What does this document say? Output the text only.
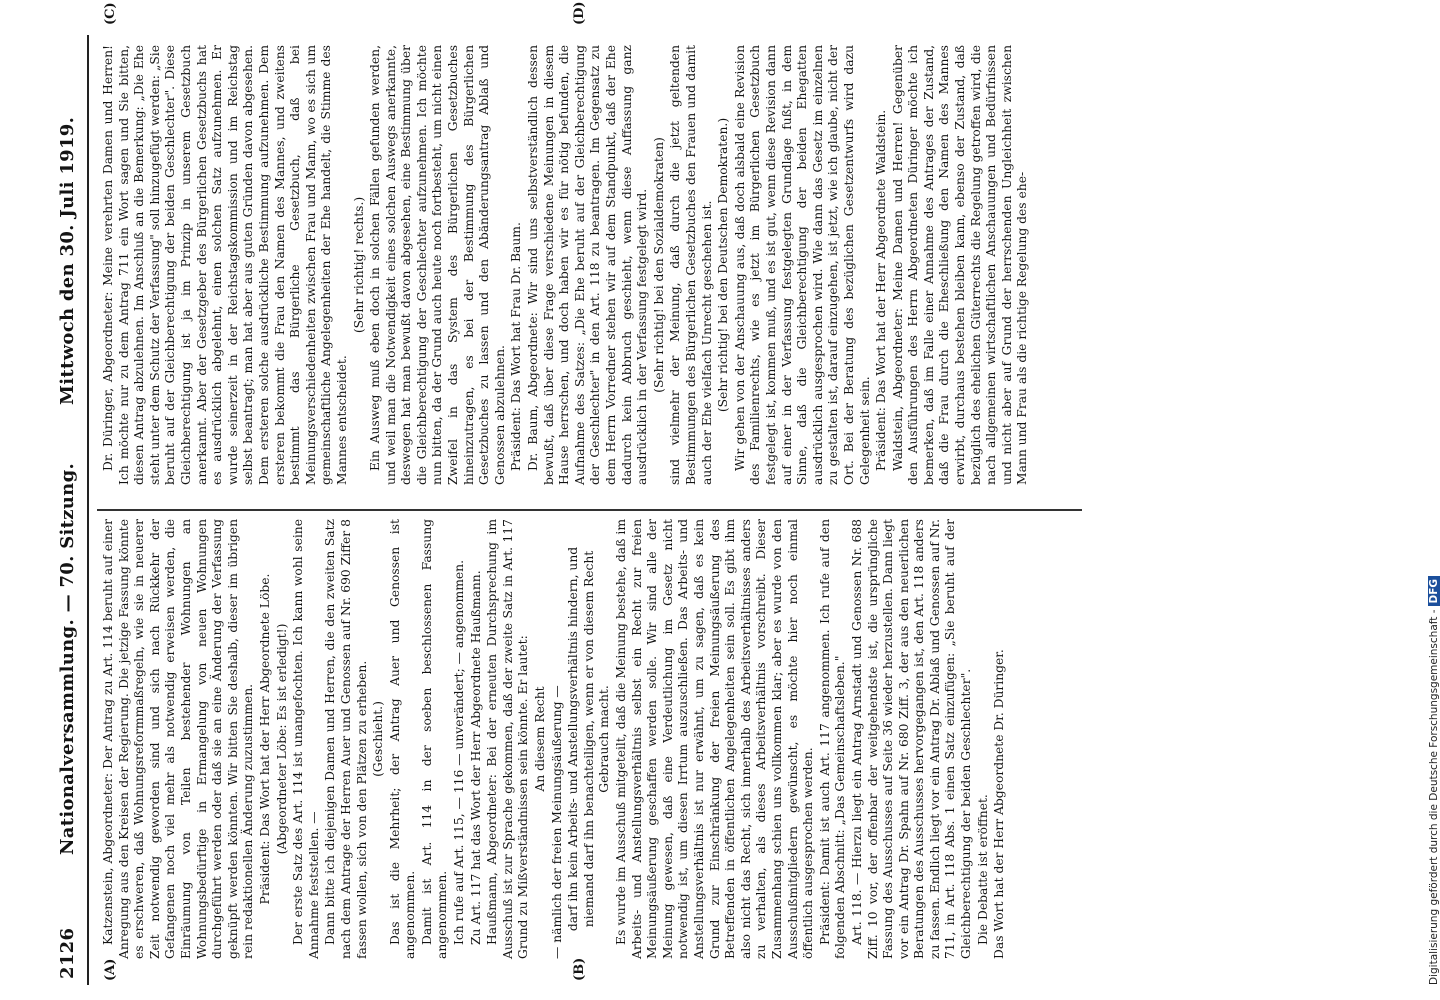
2126
Nationalversammlung. — 70. Sitzung.
Mittwoch den 30. Juli 1919.
(A)	(B)
(C)	(D)

Katzenstein, Abgeordneter: Der Antrag zu Art. 114 beruht auf einer Anregung aus den Kreisen der Regierung. Die jetzige Fassung könnte es erschweren, daß Wohnungsreformmaßregeln, wie sie in neuerer Zeit notwendig geworden sind und sich nach Rückkehr der Gefangenen noch viel mehr als notwendig erweisen werden, die Einräumung von Teilen bestehender Wohnungen an Wohnungsbedürftige in Ermangelung von neuen Wohnungen durchgeführt werden oder daß sie an eine Änderung der Verfassung geknüpft werden könnten. Wir bitten Sie deshalb, dieser im übrigen rein redaktionellen Änderung zuzustimmen. Präsident: Das Wort hat der Herr Abgeordnete Löbe. (Abgeordneter Löbe: Es ist erledigt!) Der erste Satz des Art. 114 ist unangefochten. Ich kann wohl seine Annahme feststellen. — Dann bitte ich diejenigen Damen und Herren, die den zweiten Satz nach dem Antrage der Herren Auer und Genossen auf Nr. 690 Ziffer 8 fassen wollen, sich von den Plätzen zu erheben. (Geschieht.) Das ist die Mehrheit; der Antrag Auer und Genossen ist angenommen. Damit ist Art. 114 in der soeben beschlossenen Fassung angenommen. Ich rufe auf Art. 115, — 116 — unverändert; — angenommen. Zu Art. 117 hat das Wort der Herr Abgeordnete Haußmann. Haußmann, Abgeordneter: Bei der erneuten Durchsprechung im Ausschuß ist zur Sprache gekommen, daß der zweite Satz in Art. 117 Grund zu Mißverständnissen sein könnte. Er lautet: An diesem Recht — nämlich der freien Meinungsäußerung — darf ihn kein Arbeits- und Anstellungsverhältnis hindern, und niemand darf ihn benachteiligen, wenn er von diesem Recht Gebrauch macht. Es wurde im Ausschuß mitgeteilt, daß die Meinung bestehe, daß im Arbeits- und Anstellungsverhältnis selbst ein Recht zur freien Meinungsäußerung geschaffen werden solle. Wir sind alle der Meinung gewesen, daß eine Verdeutlichung im Gesetz nicht notwendig ist, um diesen Irrtum auszuschließen. Das Arbeits- und Anstellungsverhältnis ist nur erwähnt, um zu sagen, daß es kein Grund zur Einschränkung der freien Meinungsäußerung des Betreffenden in öffentlichen Angelegenheiten sein soll. Es gibt ihm also nicht das Recht, sich innerhalb des Arbeitsverhältnisses anders zu verhalten, als dieses Arbeitsverhältnis vorschreibt. Dieser Zusammenhang schien uns vollkommen klar; aber es wurde von den Ausschußmitgliedern gewünscht, es möchte hier noch einmal öffentlich ausgesprochen werden. Präsident: Damit ist auch Art. 117 angenommen. Ich rufe auf den folgenden Abschnitt: „Das Gemeinschaftsleben." Art. 118. — Hierzu liegt ein Antrag Arnstadt und Genossen Nr. 688 Ziff. 10 vor, der offenbar der weitgehendste ist, die ursprüngliche Fassung des Ausschusses auf Seite 36 wieder herzustellen. Dann liegt vor ein Antrag Dr. Spahn auf Nr. 680 Ziff. 3, der aus den neuerlichen Beratungen des Ausschusses hervorgegangen ist, den Art. 118 anders zu fassen. Endlich liegt vor ein Antrag Dr. Ablaß und Genossen auf Nr. 711, in Art. 118 Abs. 1 einen Satz einzufügen: „Sie beruht auf der Gleichberechtigung der beiden Geschlechter". Die Debatte ist eröffnet. Das Wort hat der Herr Abgeordnete Dr. Düringer.

Dr. Düringer, Abgeordneter: Meine verehrten Damen und Herren! Ich möchte nur zu dem Antrag 711 ein Wort sagen und Sie bitten, diesen Antrag abzulehnen. Im Anschluß an die Bemerkung: „Die Ehe steht unter dem Schutz der Verfassung" soll hinzugefügt werden: „Sie beruht auf der Gleichberechtigung der beiden Geschlechter". Diese Gleichberechtigung ist ja im Prinzip in unserem Gesetzbuch anerkannt. Aber der Gesetzgeber des Bürgerlichen Gesetzbuchs hat es ausdrücklich abgelehnt, einen solchen Satz aufzunehmen. Er wurde seinerzeit in der Reichstagskommission und im Reichstag selbst beantragt; man hat aber aus guten Gründen davon abgesehen. Dem ersteren solche ausdrückliche Bestimmung aufzunehmen. Dem ersteren bekommt die Frau den Namen des Mannes, und zweitens bestimmt das Bürgerliche Gesetzbuch, daß bei Meinungsverschiedenheiten zwischen Frau und Mann, wo es sich um gemeinschaftliche Angelegenheiten der Ehe handelt, die Stimme des Mannes entscheidet.

(Sehr richtig! rechts.) Ein Ausweg muß eben doch in solchen Fällen gefunden werden, und weil man die Notwendigkeit eines solchen Auswegs anerkannte, deswegen hat man bewußt davon abgesehen, eine Bestimmung über die Gleichberechtigung der Geschlechter aufzunehmen. Ich möchte nun bitten, da der Grund auch heute noch fortbesteht, um nicht einen Zweifel in das System des Bürgerlichen Gesetzbuches hineinzutragen, es bei der Bestimmung des Bürgerlichen Gesetzbuches zu lassen und den Abänderungsantrag Ablaß und Genossen abzulehnen. Präsident: Das Wort hat Frau Dr. Baum. Dr. Baum, Abgeordnete: Wir sind uns selbstverständlich dessen bewußt, daß über diese Frage verschiedene Meinungen in diesem Hause herrschen, und doch haben wir es für nötig befunden, die Aufnahme des Satzes: „Die Ehe beruht auf der Gleichberechtigung der Geschlechter" in den Art. 118 zu beantragen. Im Gegensatz zu dem Herrn Vorredner stehen wir auf dem Standpunkt, daß der Ehe dadurch kein Abbruch geschieht, wenn diese Auffassung ganz ausdrücklich in der Verfassung festgelegt wird. (Sehr richtig! bei den Sozialdemokraten) sind vielmehr der Meinung, daß durch die jetzt geltenden Bestimmungen des Bürgerlichen Gesetzbuches den Frauen und damit auch der Ehe vielfach Unrecht geschehen ist. (Sehr richtig! bei den Deutschen Demokraten.) Wir gehen von der Anschauung aus, daß doch alsbald eine Revision des Familienrechts, wie es jetzt im Bürgerlichen Gesetzbuch festgelegt ist, kommen muß, und es ist gut, wenn diese Revision dann auf einer in der Verfassung festgelegten Grundlage fußt, in dem Sinne, daß die Gleichberechtigung der beiden Ehegatten ausdrücklich ausgesprochen wird. Wie dann das Gesetz im einzelnen zu gestalten ist, darauf einzugehen, ist jetzt, wie ich glaube, nicht der Ort. Bei der Beratung des bezüglichen Gesetzentwurfs wird dazu Gelegenheit sein. Präsident: Das Wort hat der Herr Abgeordnete Waldstein. Waldstein, Abgeordneter: Meine Damen und Herren! Gegenüber den Ausführungen des Herrn Abgeordneten Düringer möchte ich bemerken, daß im Falle einer Annahme des Antrages der Zustand, daß die Frau durch die Eheschließung den Namen des Mannes erwirbt, durchaus bestehen bleiben kann, ebenso der Zustand, daß bezüglich des ehelichen Güterrechts die Regelung getroffen wird, die nach allgemeinen wirtschaftlichen Anschauungen und Bedürfnissen und nicht aber auf Grund der herrschenden Ungleichheit zwischen Mann und Frau als die richtige Regelung des ehe-

Digitalisierung gefördert durch die Deutsche Forschungsgemeinschaft -DFG
